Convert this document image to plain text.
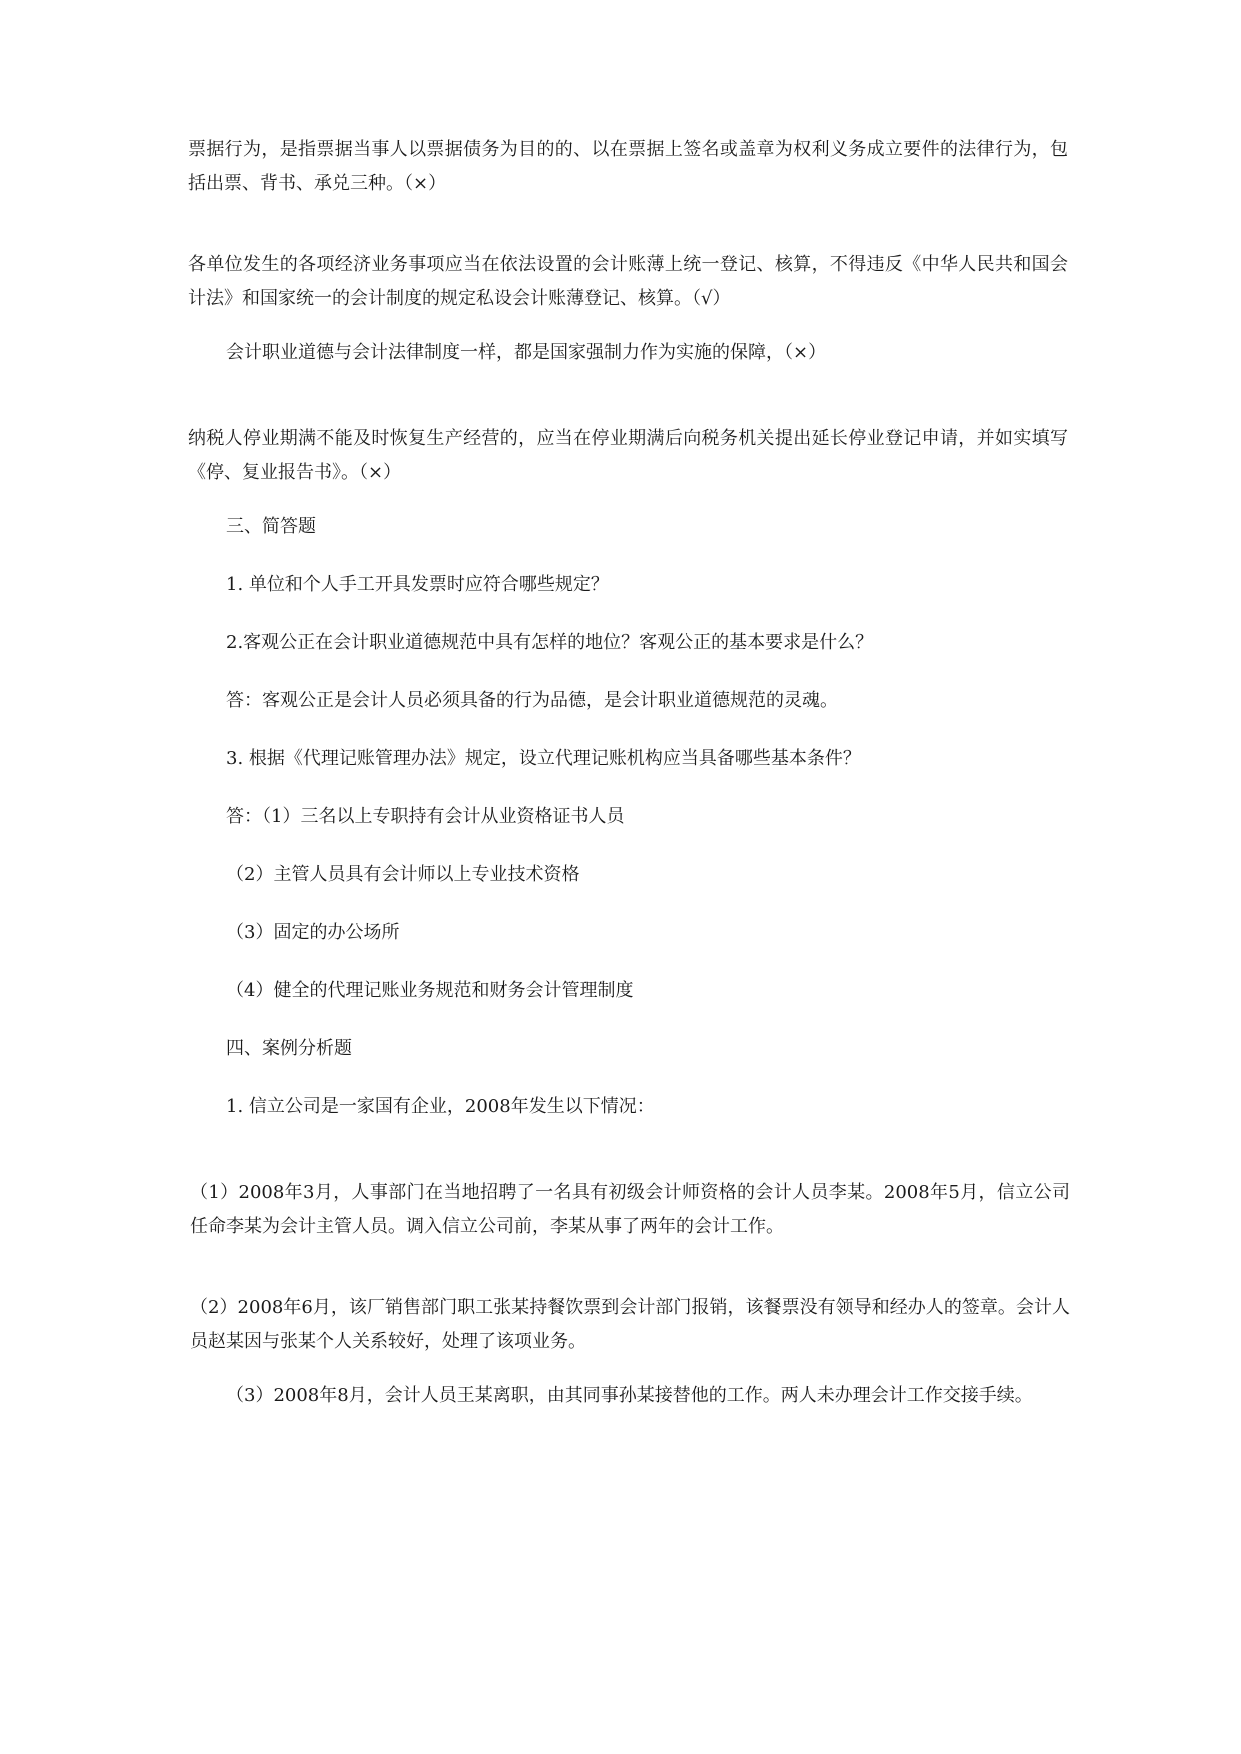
票据行为，是指票据当事人以票据债务为目的的、以在票据上签名或盖章为权利义务成立要件的法律行为，包括出票、背书、承兑三种。（×）
各单位发生的各项经济业务事项应当在依法设置的会计账薄上统一登记、核算，不得违反《中华人民共和国会计法》和国家统一的会计制度的规定私设会计账薄登记、核算。（√）
会计职业道德与会计法律制度一样，都是国家强制力作为实施的保障，（×）
纳税人停业期满不能及时恢复生产经营的，应当在停业期满后向税务机关提出延长停业登记申请，并如实填写《停、复业报告书》。（×）
三、简答题
1. 单位和个人手工开具发票时应符合哪些规定？
2.客观公正在会计职业道德规范中具有怎样的地位？客观公正的基本要求是什么？
答：客观公正是会计人员必须具备的行为品德，是会计职业道德规范的灵魂。
3. 根据《代理记账管理办法》规定，设立代理记账机构应当具备哪些基本条件？
答：（1）三名以上专职持有会计从业资格证书人员
（2）主管人员具有会计师以上专业技术资格
（3）固定的办公场所
（4）健全的代理记账业务规范和财务会计管理制度
四、案例分析题
1. 信立公司是一家国有企业，2008年发生以下情况：
（1）2008年3月，人事部门在当地招聘了一名具有初级会计师资格的会计人员李某。2008年5月，信立公司任命李某为会计主管人员。调入信立公司前，李某从事了两年的会计工作。
（2）2008年6月，该厂销售部门职工张某持餐饮票到会计部门报销，该餐票没有领导和经办人的签章。会计人员赵某因与张某个人关系较好，处理了该项业务。
（3）2008年8月，会计人员王某离职，由其同事孙某接替他的工作。两人未办理会计工作交接手续。
